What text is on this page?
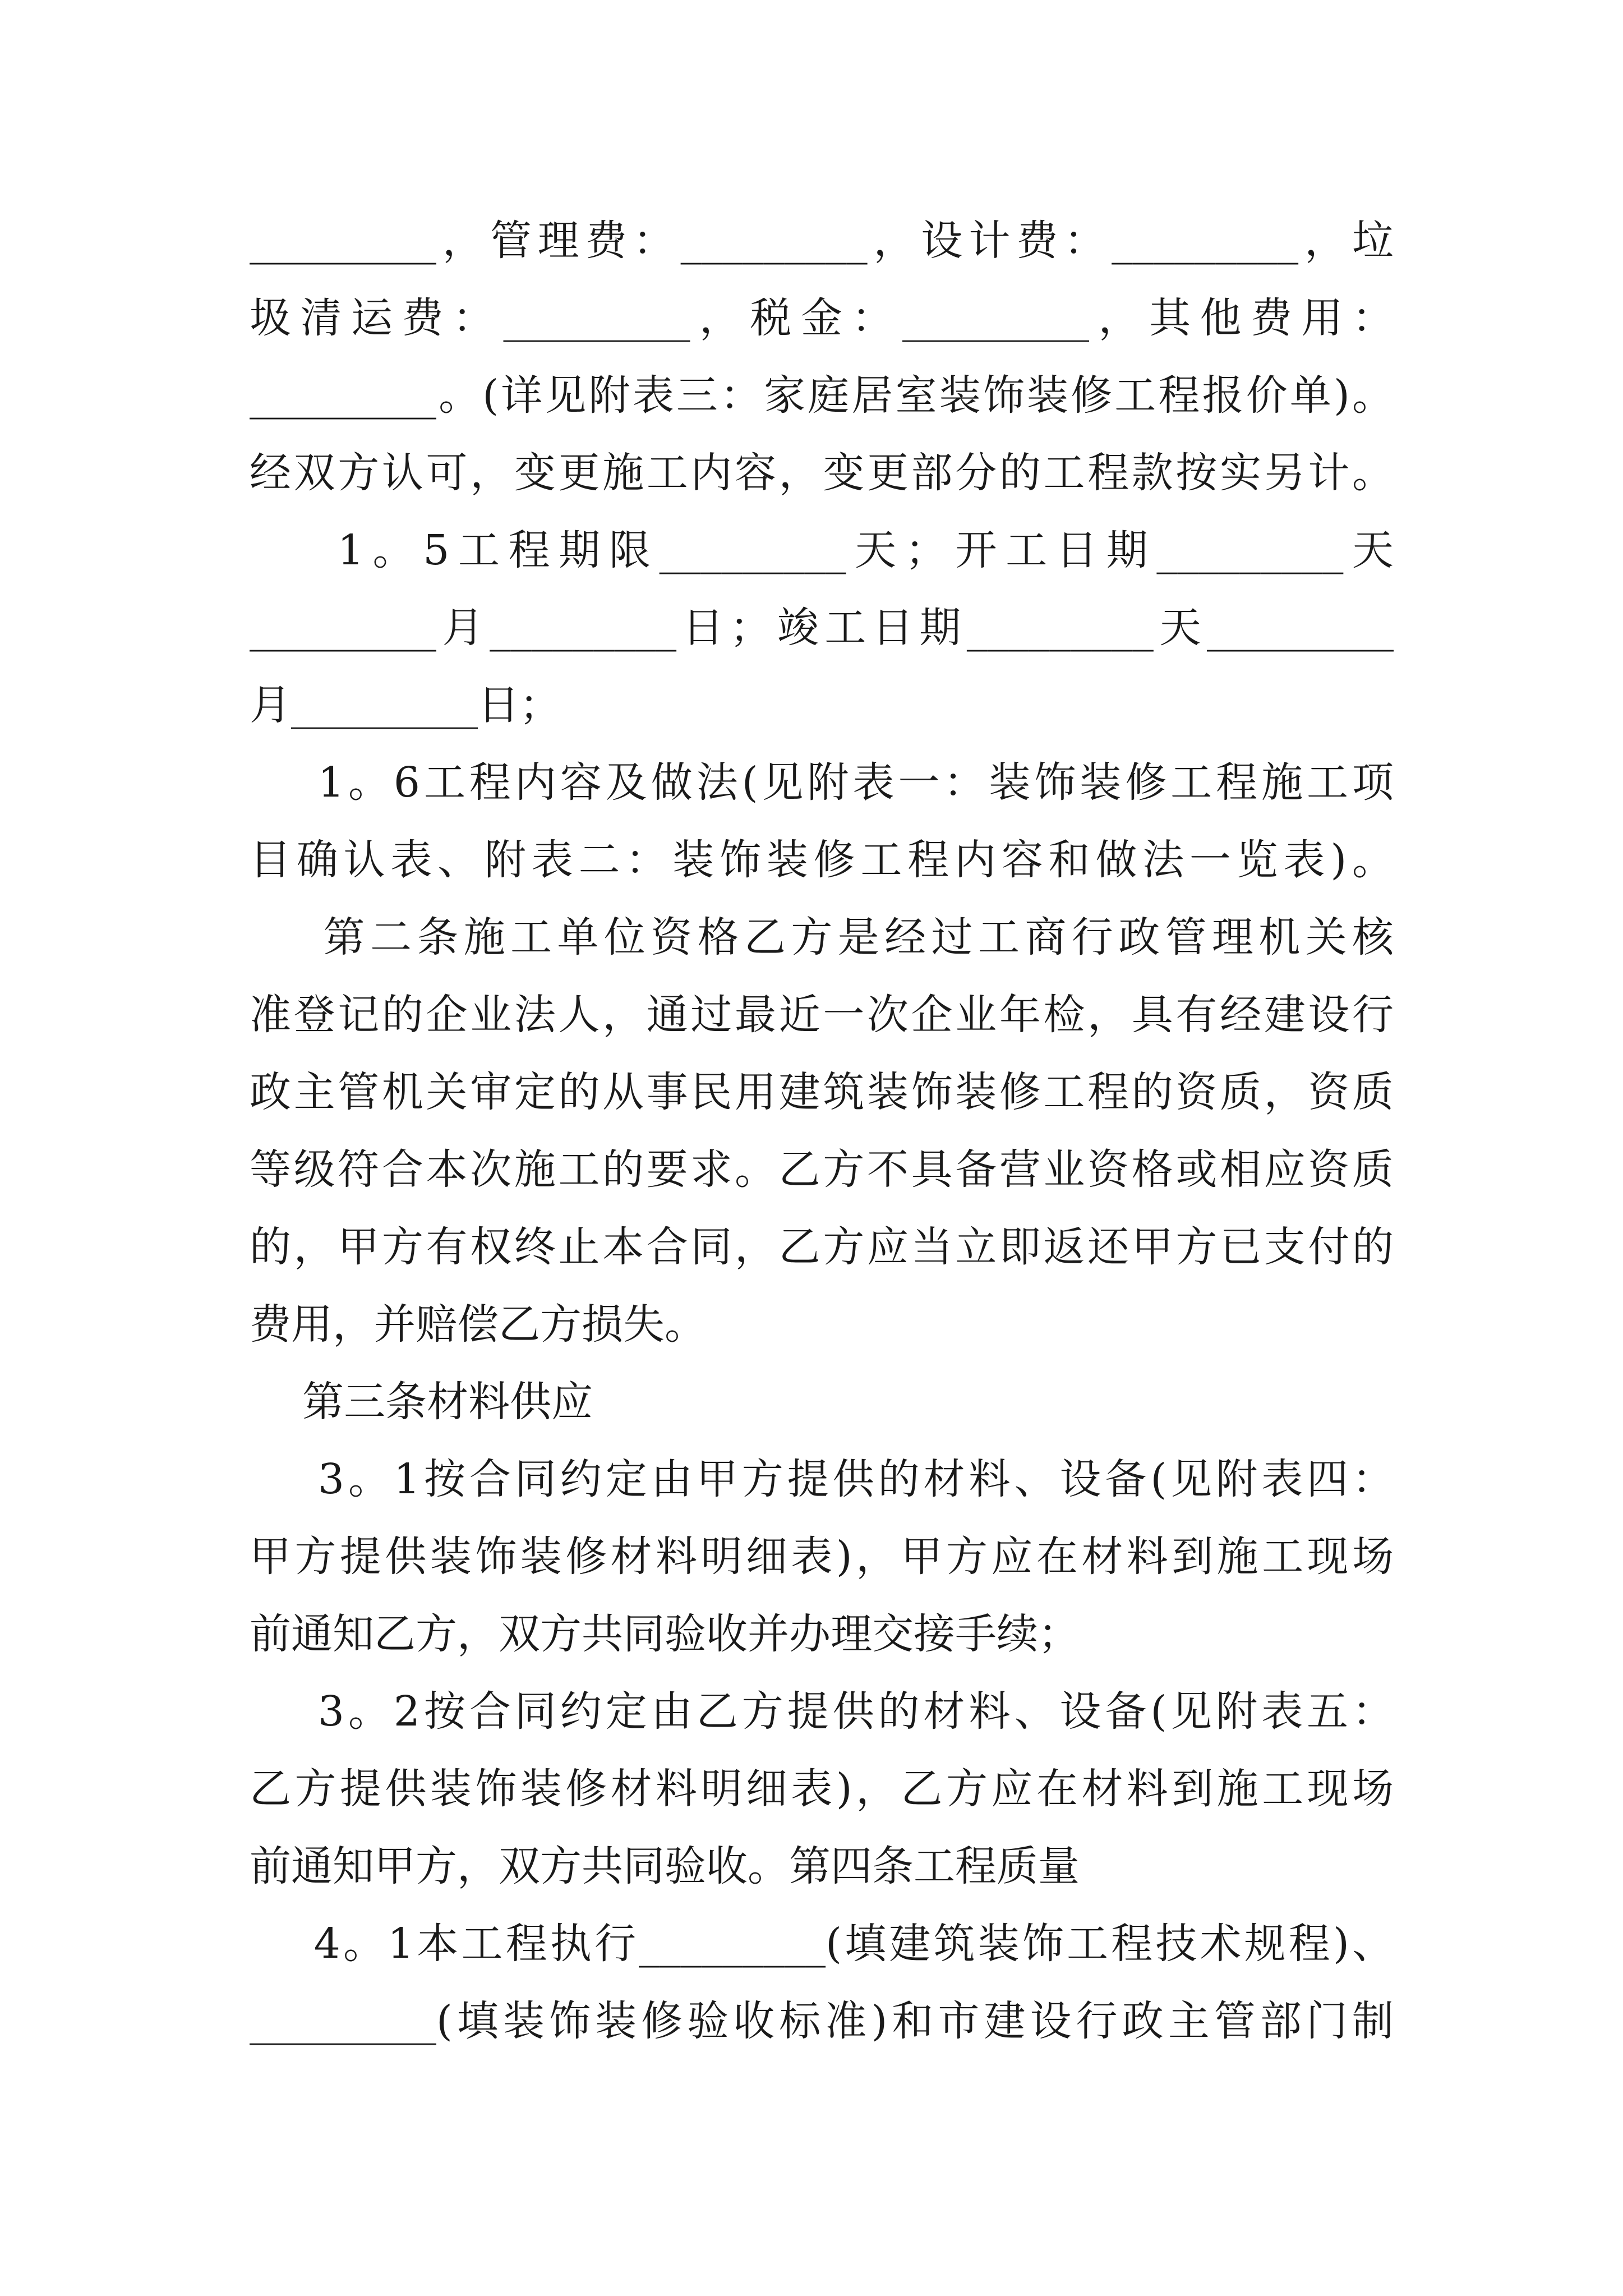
_________，管理费：_________，设计费：_________，垃
圾清运费：_________，税金：_________，其他费用：
_________。(详见附表三：家庭居室装饰装修工程报价单)。
经双方认可，变更施工内容，变更部分的工程款按实另计。
1。5工程期限_________天；开工日期_________天
_________月_________日；竣工日期_________天_________
月_________日；
1。6工程内容及做法(见附表一：装饰装修工程施工项
目确认表、附表二：装饰装修工程内容和做法一览表)。
第二条施工单位资格乙方是经过工商行政管理机关核
准登记的企业法人，通过最近一次企业年检，具有经建设行
政主管机关审定的从事民用建筑装饰装修工程的资质，资质
等级符合本次施工的要求。乙方不具备营业资格或相应资质
的，甲方有权终止本合同，乙方应当立即返还甲方已支付的
费用，并赔偿乙方损失。
第三条材料供应
3。1按合同约定由甲方提供的材料、设备(见附表四：
甲方提供装饰装修材料明细表)，甲方应在材料到施工现场
前通知乙方，双方共同验收并办理交接手续；
3。2按合同约定由乙方提供的材料、设备(见附表五：
乙方提供装饰装修材料明细表)，乙方应在材料到施工现场
前通知甲方，双方共同验收。第四条工程质量
4。1本工程执行_________(填建筑装饰工程技术规程)、
_________(填装饰装修验收标准)和市建设行政主管部门制
